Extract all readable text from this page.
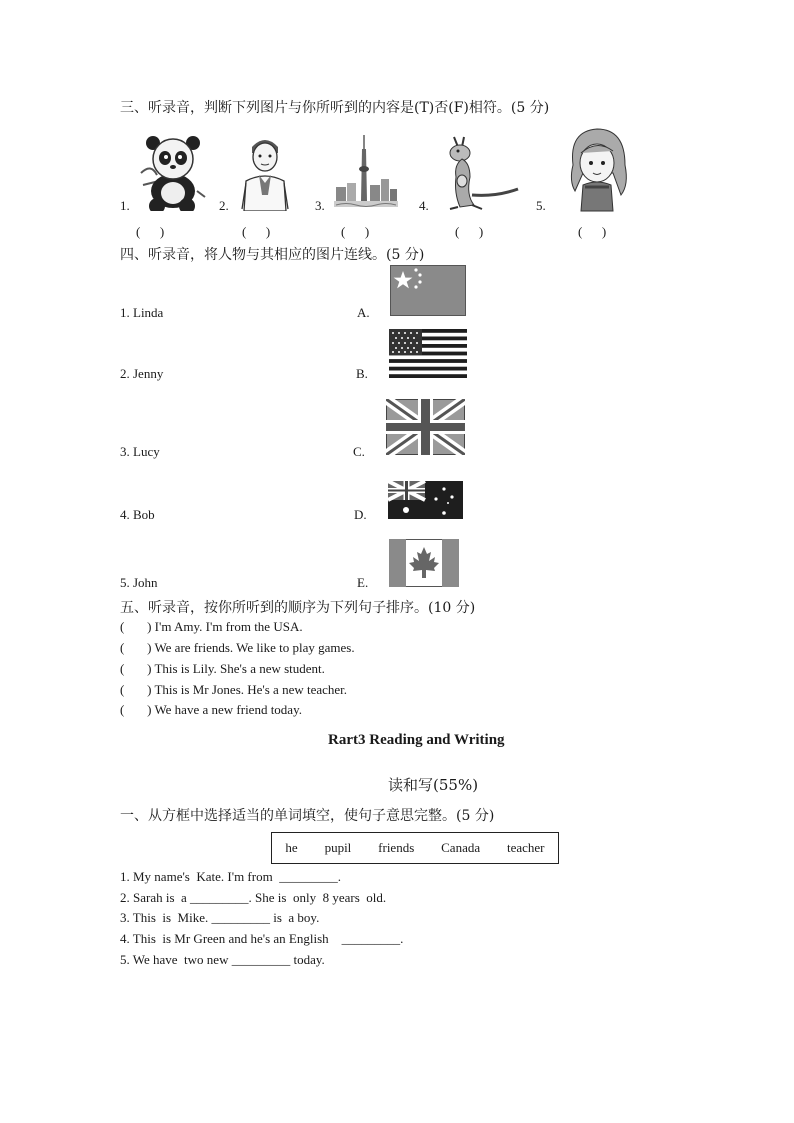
三、听录音，判断下列图片与你所听到的内容是(T)否(F)相符。(5 分)
1.	2.	3.	4.	5.
(      )	(      )	(      )	(      )	(      )
四、听录音，将人物与其相应的图片连线。(5 分)
1. Linda
2. Jenny
3. Lucy
4. Bob
5. John
A.
B.
C.
D.
E.
五、听录音，按你所听到的顺序为下列句子排序。(10 分)
(       ) I'm Amy. I'm from the USA.
(       ) We are friends. We like to play games.
(       ) This is Lily. She's a new student.
(       ) This is Mr Jones. He's a new teacher.
(       ) We have a new friend today.
Rart3 Reading and Writing
读和写(55%)
一、从方框中选择适当的单词填空，使句子意思完整。(5 分)
he pupil friends Canada teacher
1. My name's  Kate. I'm from  _________.
2. Sarah is  a _________. She is  only  8 years  old.
3. This  is  Mike. _________ is  a boy.
4. This  is Mr Green and he's an English    _________.
5. We have  two new _________ today.
